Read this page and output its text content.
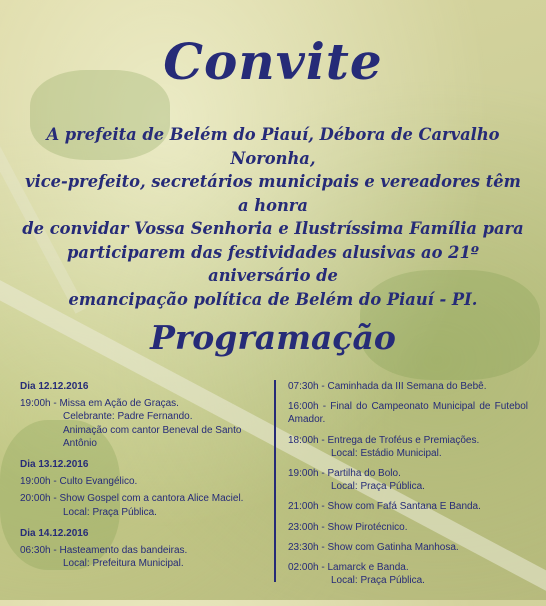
Convite
A prefeita de Belém do Piauí, Débora de Carvalho Noronha,
vice-prefeito, secretários municipais e vereadores têm a honra
de convidar Vossa Senhoria e Ilustríssima Família para
participarem das festividades alusivas ao 21º aniversário de
emancipação política de Belém do Piauí - PI.
Programação
Dia 12.12.2016
19:00h - Missa em Ação de Graças.
Celebrante: Padre Fernando.
Animação com cantor Beneval de Santo Antônio
Dia 13.12.2016
19:00h - Culto Evangélico.
20:00h - Show Gospel com a cantora Alice Maciel.
Local: Praça Pública.
Dia 14.12.2016
06:30h - Hasteamento das bandeiras.
Local: Prefeitura Municipal.
07:30h - Caminhada da III Semana do Bebê.
16:00h - Final do Campeonato Municipal de Futebol Amador.
18:00h - Entrega de Troféus e Premiações.
Local: Estádio Municipal.
19:00h - Partilha do Bolo.
Local: Praça Pública.
21:00h - Show com Fafá Santana E Banda.
23:00h - Show Pirotécnico.
23:30h - Show com Gatinha Manhosa.
02:00h - Lamarck e Banda.
Local: Praça Pública.
